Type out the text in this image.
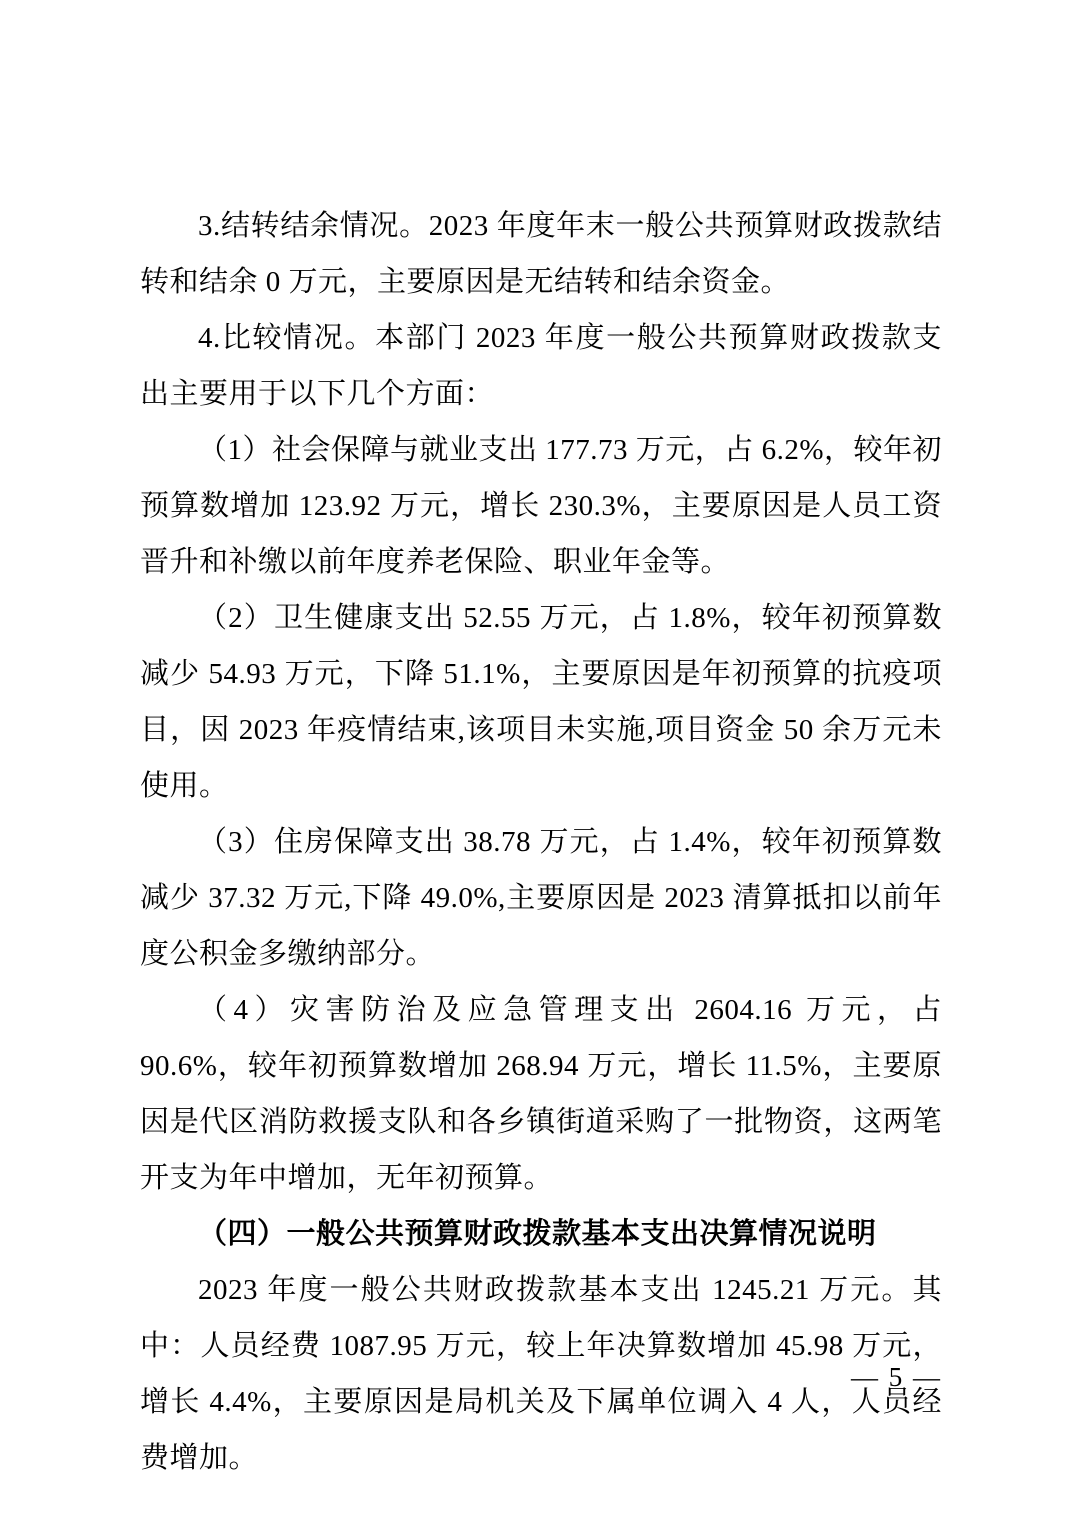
3.结转结余情况。2023 年度年末一般公共预算财政拨款结转和结余 0 万元，主要原因是无结转和结余资金。

4.比较情况。本部门 2023 年度一般公共预算财政拨款支出主要用于以下几个方面：

（1）社会保障与就业支出 177.73 万元，占 6.2%，较年初预算数增加 123.92 万元，增长 230.3%，主要原因是人员工资晋升和补缴以前年度养老保险、职业年金等。

（2）卫生健康支出 52.55 万元，占 1.8%，较年初预算数减少 54.93 万元，下降 51.1%，主要原因是年初预算的抗疫项目，因 2023 年疫情结束,该项目未实施,项目资金 50 余万元未使用。

（3）住房保障支出 38.78 万元，占 1.4%，较年初预算数减少 37.32 万元,下降 49.0%,主要原因是 2023 清算抵扣以前年度公积金多缴纳部分。

（4）灾害防治及应急管理支出 2604.16 万元，占 90.6%，较年初预算数增加 268.94 万元，增长 11.5%，主要原因是代区消防救援支队和各乡镇街道采购了一批物资，这两笔开支为年中增加，无年初预算。

（四）一般公共预算财政拨款基本支出决算情况说明

2023 年度一般公共财政拨款基本支出 1245.21 万元。其中：人员经费 1087.95 万元，较上年决算数增加 45.98 万元，增长 4.4%，主要原因是局机关及下属单位调入 4 人，人员经费增加。

— 5 —
